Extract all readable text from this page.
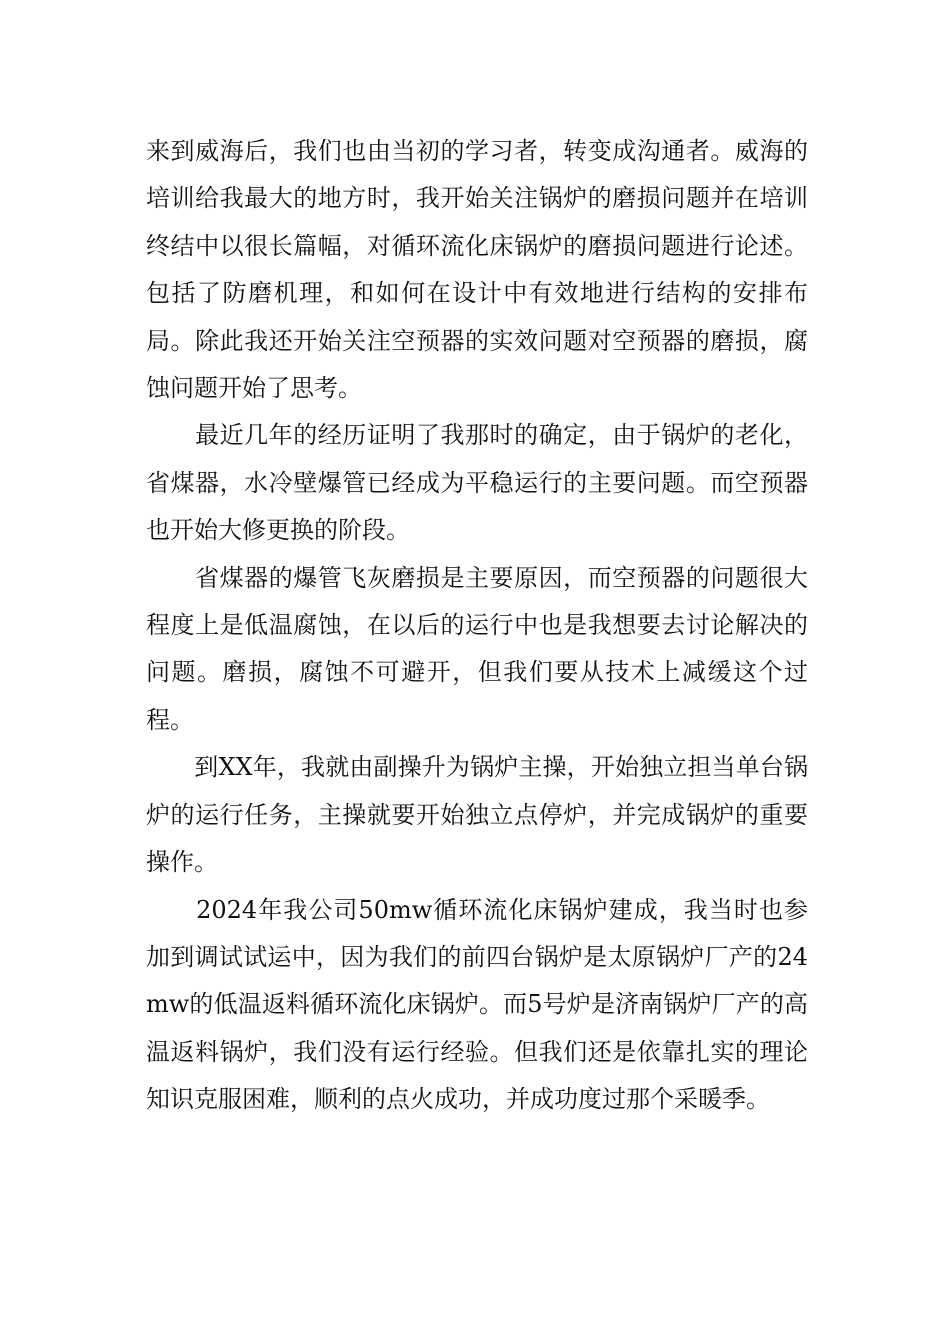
来到威海后，我们也由当初的学习者，转变成沟通者。威海的培训给我最大的地方时，我开始关注锅炉的磨损问题并在培训终结中以很长篇幅，对循环流化床锅炉的磨损问题进行论述。包括了防磨机理，和如何在设计中有效地进行结构的安排布局。除此我还开始关注空预器的实效问题对空预器的磨损，腐蚀问题开始了思考。

　　最近几年的经历证明了我那时的确定，由于锅炉的老化，省煤器，水冷壁爆管已经成为平稳运行的主要问题。而空预器也开始大修更换的阶段。

　　省煤器的爆管飞灰磨损是主要原因，而空预器的问题很大程度上是低温腐蚀，在以后的运行中也是我想要去讨论解决的问题。磨损，腐蚀不可避开，但我们要从技术上减缓这个过程。

　　到XX年，我就由副操升为锅炉主操，开始独立担当单台锅炉的运行任务，主操就要开始独立点停炉，并完成锅炉的重要操作。

　　2024年我公司50mw循环流化床锅炉建成，我当时也参加到调试试运中，因为我们的前四台锅炉是太原锅炉厂产的24mw的低温返料循环流化床锅炉。而5号炉是济南锅炉厂产的高温返料锅炉，我们没有运行经验。但我们还是依靠扎实的理论知识克服困难，顺利的点火成功，并成功度过那个采暖季。
